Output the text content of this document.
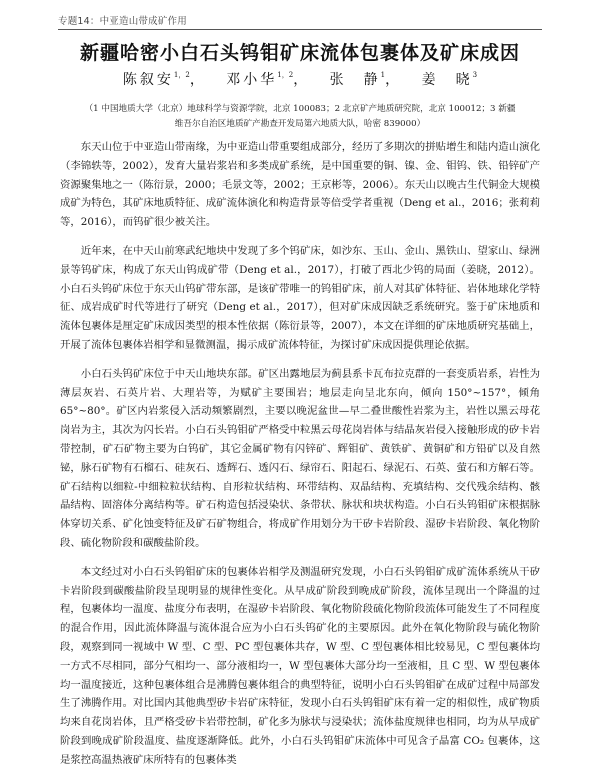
专题14：中亚造山带成矿作用
新疆哈密小白石头钨钼矿床流体包裹体及矿床成因
陈叙安$^{1,2}$， 邓小华$^{1,2}$， 张　静$^1$， 姜　晓$^3$
（1 中国地质大学（北京）地球科学与资源学院，北京 100083；2 北京矿产地质研究院，北京 100012；3 新疆
维吾尔自治区地质矿产勘查开发局第六地质大队，哈密 839000）

东天山位于中亚造山带南缘，为中亚造山带重要组成部分，经历了多期次的拼贴增生和陆内造山演化（李锦轶等，2002），发育大量岩浆岩和多类成矿系统，是中国重要的铜、镍、金、钼钨、铁、铅锌矿产资源聚集地之一（陈衍景，2000；毛景文等，2002；王京彬等，2006）。东天山以晚古生代铜金大规模成矿为特色，其矿床地质特征、成矿流体演化和构造背景等倍受学者重视（Deng et al.，2016；张莉莉等，2016），而钨矿很少被关注。

近年来，在中天山前寒武纪地块中发现了多个钨矿床，如沙东、玉山、金山、黑铁山、望家山、绿洲景等钨矿床，构成了东天山钨成矿带（Deng et al.，2017），打破了西北少钨的局面（姜晓，2012）。小白石头钨矿床位于东天山钨矿带东部，是该矿带唯一的钨钼矿床，前人对其矿体特征、岩体地球化学特征、成岩成矿时代等进行了研究（Deng et al.，2017），但对矿床成因缺乏系统研究。鉴于矿床地质和流体包裹体是厘定矿床成因类型的根本性依据（陈衍景等，2007），本文在详细的矿床地质研究基础上，开展了流体包裹体岩相学和显微测温，揭示成矿流体特征，为探讨矿床成因提供理论依据。

小白石头钨矿床位于中天山地块东部。矿区出露地层为蓟县系卡瓦布拉克群的一套变质岩系，岩性为薄层灰岩、石英片岩、大理岩等，为赋矿主要围岩；地层走向呈北东向，倾向 150°~157°，倾角 65°~80°。矿区内岩浆侵入活动频繁剧烈，主要以晚泥盆世—早二叠世酸性岩浆为主，岩性以黑云母花岗岩为主，其次为闪长岩。小白石头钨钼矿严格受中粒黑云母花岗岩体与结晶灰岩侵入接触形成的矽卡岩带控制，矿石矿物主要为白钨矿，其它金属矿物有闪锌矿、辉钼矿、黄铁矿、黄铜矿和方铅矿以及自然铋，脉石矿物有石榴石、硅灰石、透辉石、透闪石、绿帘石、阳起石、绿泥石、石英、萤石和方解石等。矿石结构以细粒-中细粒粒状结构、自形粒状结构、环带结构、双晶结构、充填结构、交代残余结构、骸晶结构、固溶体分离结构等。矿石构造包括浸染状、条带状、脉状和块状构造。小白石头钨钼矿床根据脉体穿切关系、矿化蚀变特征及矿石矿物组合，将成矿作用划分为干矽卡岩阶段、湿矽卡岩阶段、氧化物阶段、硫化物阶段和碳酸盐阶段。

本文经过对小白石头钨钼矿床的包裹体岩相学及测温研究发现，小白石头钨钼矿成矿流体系统从干矽卡岩阶段到碳酸盐阶段呈现明显的规律性变化。从早成矿阶段到晚成矿阶段，流体呈现出一个降温的过程，包裹体均一温度、盐度分布表明，在湿矽卡岩阶段、氧化物阶段硫化物阶段流体可能发生了不同程度的混合作用，因此流体降温与流体混合应为小白石头钨矿化的主要原因。此外在氧化物阶段与硫化物阶段，观察到同一视域中 W 型、C 型、PC 型包裹体共存，W 型、C 型包裹体相比较易见，C 型包裹体均一方式不尽相同，部分气相均一、部分液相均一，W 型包裹体大部分均一至液相，且 C 型、W 型包裹体均一温度接近，这种包裹体组合是沸腾包裹体组合的典型特征，说明小白石头钨钼矿在成矿过程中局部发生了沸腾作用。对比国内其他典型矽卡岩矿床特征，发现小白石头钨钼矿床有着一定的相似性，成矿物质均来自花岗岩体，且严格受矽卡岩带控制，矿化多为脉状与浸染状；流体盐度规律也相同，均为从早成矿阶段到晚成矿阶段温度、盐度逐渐降低。此外，小白石头钨钼矿床流体中可见含子晶富 CO₂ 包裹体，这是浆控高温热液矿床所特有的包裹体类
